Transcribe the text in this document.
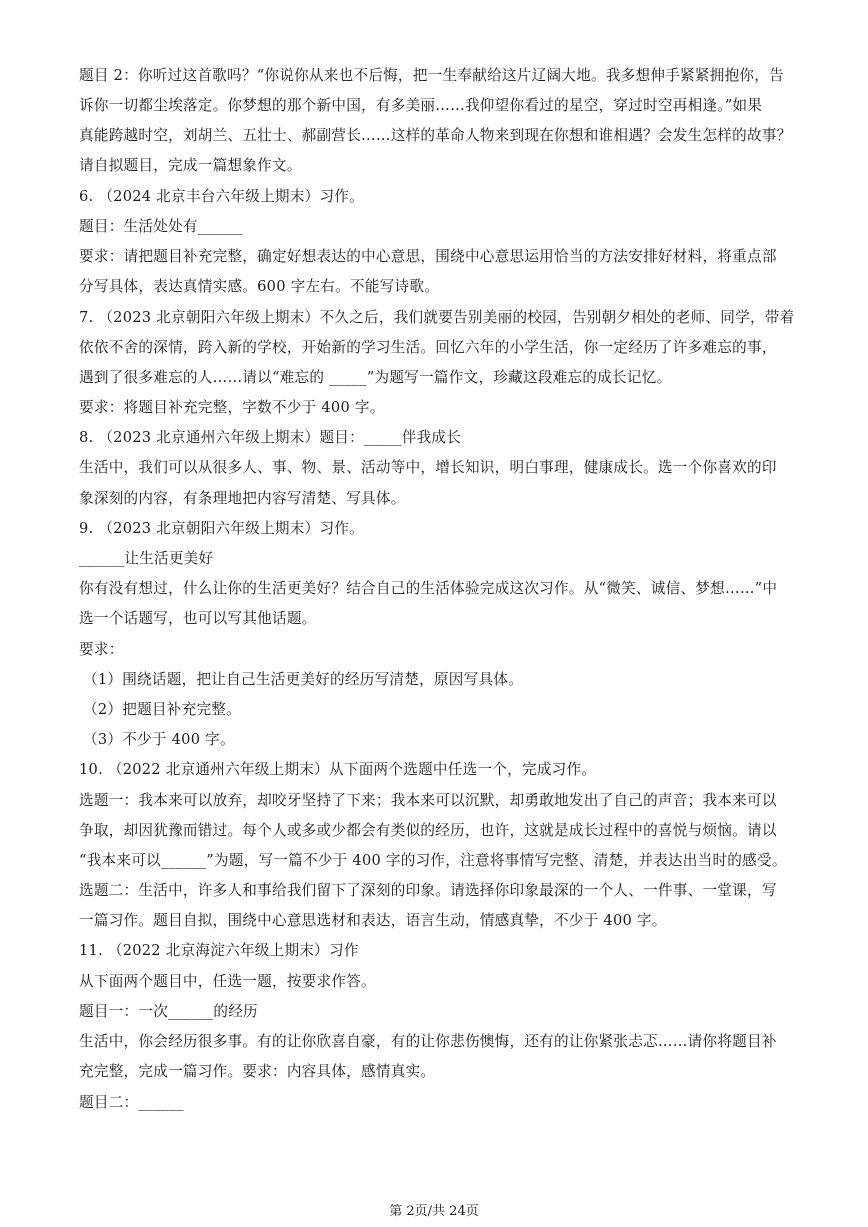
题目 2：你听过这首歌吗？“你说你从来也不后悔，把一生奉献给这片辽阔大地。我多想伸手紧紧拥抱你，告
诉你一切都尘埃落定。你梦想的那个新中国，有多美丽……我仰望你看过的星空，穿过时空再相逢。”如果
真能跨越时空，刘胡兰、五壮士、郝副营长……这样的革命人物来到现在你想和谁相遇？会发生怎样的故事？
请自拟题目，完成一篇想象作文。
6. （2024 北京丰台六年级上期末）习作。
题目：生活处处有______
要求：请把题目补充完整，确定好想表达的中心意思，围绕中心意思运用恰当的方法安排好材料，将重点部
分写具体，表达真情实感。600 字左右。不能写诗歌。
7. （2023 北京朝阳六年级上期末）不久之后，我们就要告别美丽的校园，告别朝夕相处的老师、同学，带着
依依不舍的深情，跨入新的学校，开始新的学习生活。回忆六年的小学生活，你一定经历了许多难忘的事，
遇到了很多难忘的人……请以“难忘的 _____”为题写一篇作文，珍藏这段难忘的成长记忆。
要求：将题目补充完整，字数不少于 400 字。
8. （2023 北京通州六年级上期末）题目：_____伴我成长
生活中，我们可以从很多人、事、物、景、活动等中，增长知识，明白事理，健康成长。选一个你喜欢的印
象深刻的内容，有条理地把内容写清楚、写具体。
9. （2023 北京朝阳六年级上期末）习作。
______让生活更美好
你有没有想过，什么让你的生活更美好？结合自己的生活体验完成这次习作。从“微笑、诚信、梦想……”中
选一个话题写，也可以写其他话题。
要求：
（1）围绕话题，把让自己生活更美好的经历写清楚，原因写具体。
（2）把题目补充完整。
（3）不少于 400 字。
10. （2022 北京通州六年级上期末）从下面两个选题中任选一个，完成习作。
选题一：我本来可以放弃，却咬牙坚持了下来；我本来可以沉默，却勇敢地发出了自己的声音；我本来可以
争取，却因犹豫而错过。每个人或多或少都会有类似的经历，也许，这就是成长过程中的喜悦与烦恼。请以
“我本来可以______”为题，写一篇不少于 400 字的习作，注意将事情写完整、清楚，并表达出当时的感受。
选题二：生活中，许多人和事给我们留下了深刻的印象。请选择你印象最深的一个人、一件事、一堂课，写
一篇习作。题目自拟，围绕中心意思选材和表达，语言生动，情感真挚，不少于 400 字。
11. （2022 北京海淀六年级上期末）习作
从下面两个题目中，任选一题，按要求作答。
题目一：一次______的经历
生活中，你会经历很多事。有的让你欣喜自豪，有的让你悲伤懊悔，还有的让你紧张忐忑……请你将题目补
充完整，完成一篇习作。要求：内容具体，感情真实。
题目二：______
第 2页/共 24页
